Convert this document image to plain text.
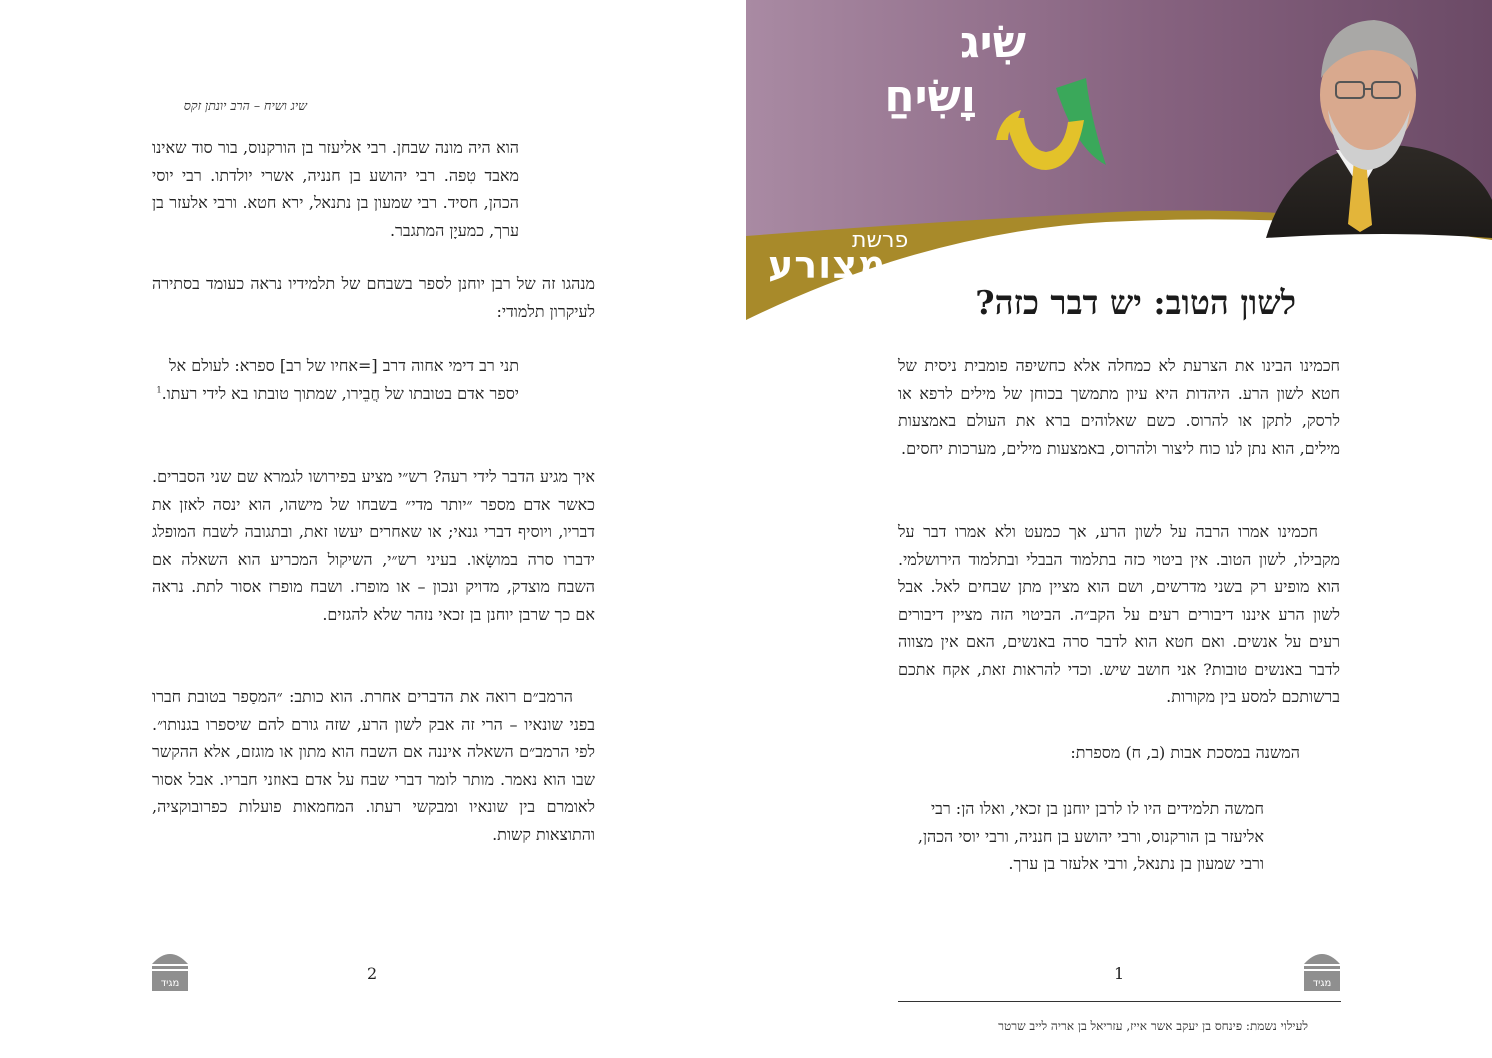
שיג ושיח – הרב יונתן זקס

הוא היה מונה שבחן. רבי אליעזר בן הורקנוס, בור סוד שאינו מאבד טִפה. רבי יהושע בן חנניה, אשרי יולדתו. רבי יוסי הכהן, חסיד. רבי שמעון בן נתנאל, ירא חטא. ורבי אלעזר בן ערך, כמעיָן המתגבר.

מנהגו זה של רבן יוחנן לספר בשבחם של תלמידיו נראה כעומד בסתירה לעיקרון תלמודי:

תני רב דימי אחוה דרב [=אחיו של רב] ספרא: לעולם אל יספר אדם בטובתו של חֲבֵירו, שמתוך טובתו בא לידי רעתו.$^1$

איך מגיע הדבר לידי רעה? רש״י מציע בפירושו לגמרא שם שני הסברים. כאשר אדם מספר ״יותר מדי״ בשבחו של מישהו, הוא ינסה לאזן את דבריו, ויוסיף דברי גנאי; או שאחרים יעשו זאת, ובתגובה לשבח המופלג ידברו סרה במושָׂאו. בעיני רש״י, השיקול המכריע הוא השאלה אם השבח מוצדק, מדויק ונכון – או מופרז. ושבח מופרז אסור לתת. נראה אם כך שרבן יוחנן בן זכאי נזהר שלא להגזים.

הרמב״ם רואה את הדברים אחרת. הוא כותב: ״המסַפר בטובת חברו בפני שונאיו – הרי זה אבק לשון הרע, שזה גורם להם שיספרו בגנותו״. לפי הרמב״ם השאלה איננה אם השבח הוא מתון או מוגזם, אלא ההקשר שבו הוא נאמר. מותר לומר דברי שבח על אדם באוזני חבריו. אבל אסור לאומרם בין שונאיו ומבקשי רעתו. המחמאות פועלות כפרובוקציה, והתוצאות קשות.

2
מגיד
שִׂיג
וָשִׂיחַ
פרשת
מצורע
לשון הטוב: יש דבר כזה?

חכמינו הבינו את הצרעת לא כמחלה אלא כחשיפה פומבית ניסית של חטא לשון הרע. היהדות היא עיון מתמשך בכוחן של מילים לרפא או לרסק, לתקן או להרוס. כשם שאלוהים ברא את העולם באמצעות מילים, הוא נתן לנו כוח ליצור ולהרוס, באמצעות מילים, מערכות יחסים.

חכמינו אמרו הרבה על לשון הרע, אך כמעט ולא אמרו דבר על מקבילו, לשון הטוב. אין ביטוי כזה בתלמוד הבבלי ובתלמוד הירושלמי. הוא מופיע רק בשני מדרשים, ושם הוא מציין מתן שבחים לאל. אבל לשון הרע איננו דיבורים רעים על הקב״ה. הביטוי הזה מציין דיבורים רעים על אנשים. ואם חטא הוא לדבר סרה באנשים, האם אין מצווה לדבר באנשים טובות? אני חושב שיש. וכדי להראות זאת, אקח אתכם ברשותכם למסע בין מקורות.

המשנה במסכת אבות (ב, ח) מספרת:

חמשה תלמידים היו לו לרבן יוחנן בן זכאי, ואלו הן: רבי אליעזר בן הורקנוס, ורבי יהושע בן חנניה, ורבי יוסי הכהן, ורבי שמעון בן נתנאל, ורבי אלעזר בן ערך.

1
מגיד
לעילוי נשמת: פינחס בן יעקב אשר אייז, עזריאל בן אריה לייב שרטר
